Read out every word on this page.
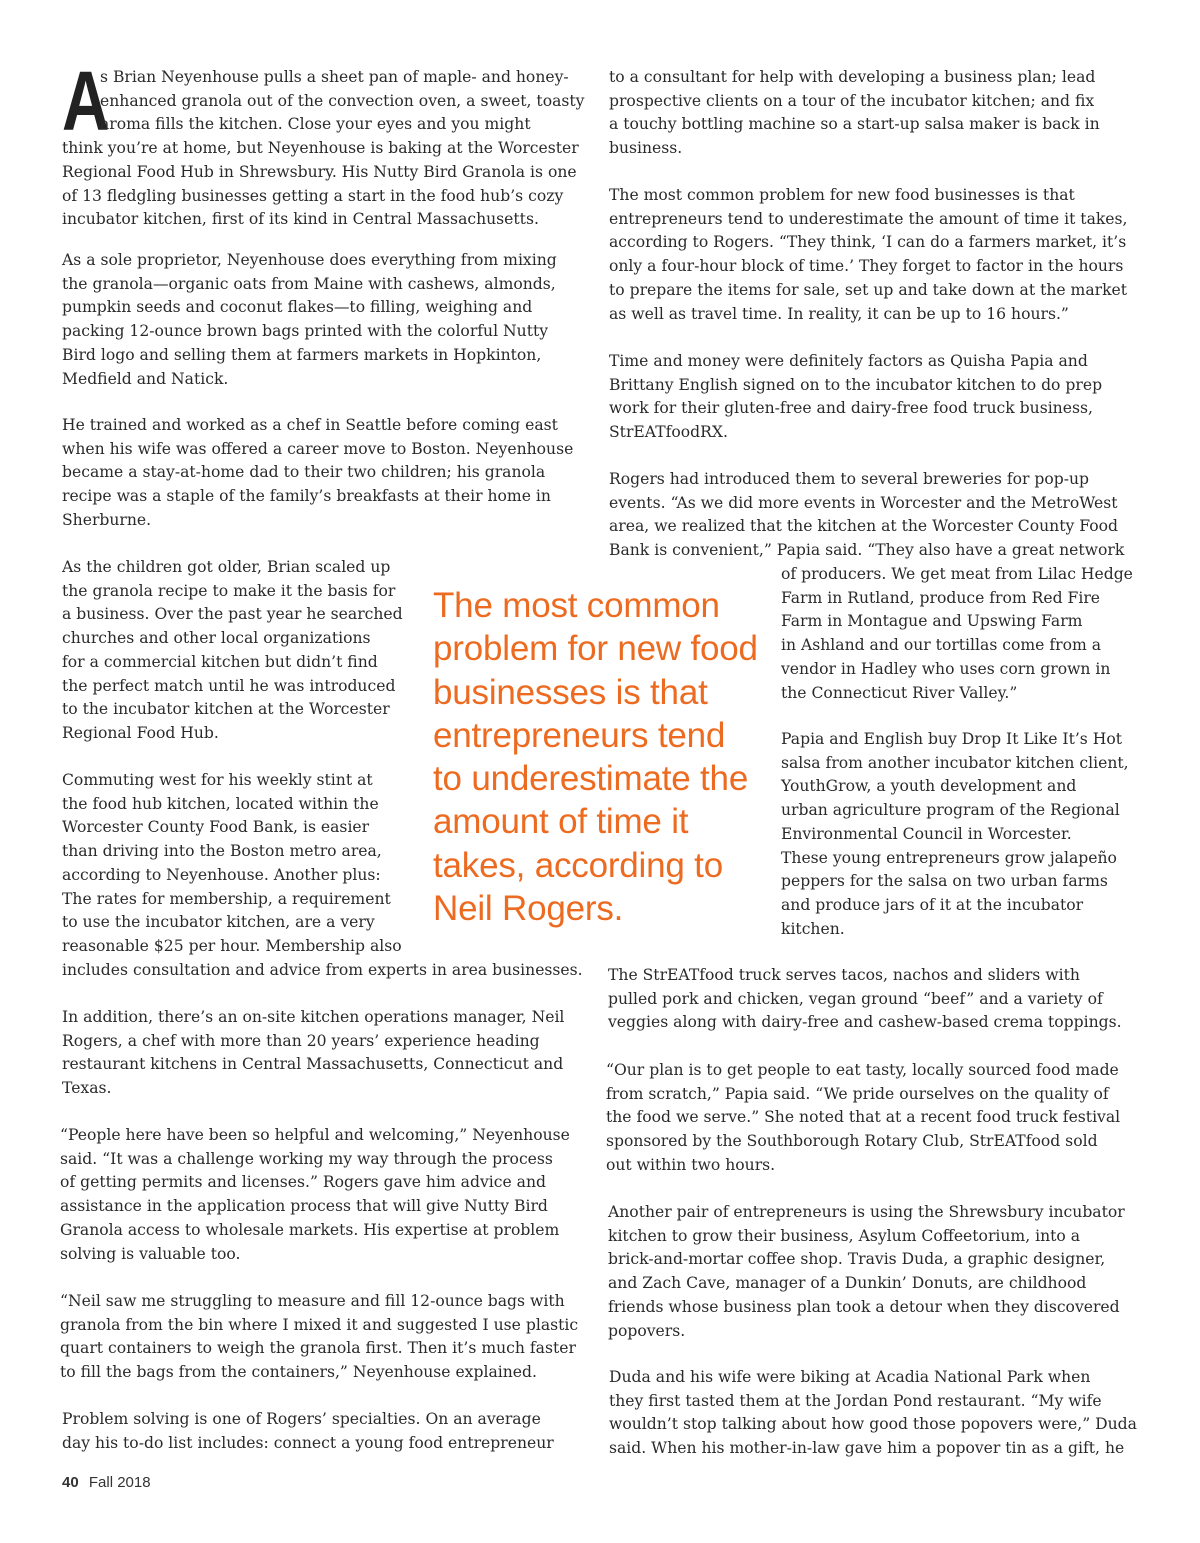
A
s Brian Neyenhouse pulls a sheet pan of maple- and honey-
enhanced granola out of the convection oven, a sweet, toasty
aroma fills the kitchen. Close your eyes and you might
think you’re at home, but Neyenhouse is baking at the Worcester
Regional Food Hub in Shrewsbury. His Nutty Bird Granola is one
of 13 fledgling businesses getting a start in the food hub’s cozy
incubator kitchen, first of its kind in Central Massachusetts.
As a sole proprietor, Neyenhouse does everything from mixing
the granola—organic oats from Maine with cashews, almonds,
pumpkin seeds and coconut flakes—to filling, weighing and
packing 12-ounce brown bags printed with the colorful Nutty
Bird logo and selling them at farmers markets in Hopkinton,
Medfield and Natick.
He trained and worked as a chef in Seattle before coming east
when his wife was offered a career move to Boston. Neyenhouse
became a stay-at-home dad to their two children; his granola
recipe was a staple of the family’s breakfasts at their home in
Sherburne.
As the children got older, Brian scaled up
the granola recipe to make it the basis for
a business. Over the past year he searched
churches and other local organizations
for a commercial kitchen but didn’t find
the perfect match until he was introduced
to the incubator kitchen at the Worcester
Regional Food Hub.
Commuting west for his weekly stint at
the food hub kitchen, located within the
Worcester County Food Bank, is easier
than driving into the Boston metro area,
according to Neyenhouse. Another plus:
The rates for membership, a requirement
to use the incubator kitchen, are a very
reasonable $25 per hour. Membership also
includes consultation and advice from experts in area businesses.
In addition, there’s an on-site kitchen operations manager, Neil
Rogers, a chef with more than 20 years’ experience heading
restaurant kitchens in Central Massachusetts, Connecticut and
Texas.
“People here have been so helpful and welcoming,” Neyenhouse
said. “It was a challenge working my way through the process
of getting permits and licenses.” Rogers gave him advice and
assistance in the application process that will give Nutty Bird
Granola access to wholesale markets. His expertise at problem
solving is valuable too.
“Neil saw me struggling to measure and fill 12-ounce bags with
granola from the bin where I mixed it and suggested I use plastic
quart containers to weigh the granola first. Then it’s much faster
to fill the bags from the containers,” Neyenhouse explained.
Problem solving is one of Rogers’ specialties. On an average
day his to-do list includes: connect a young food entrepreneur
to a consultant for help with developing a business plan; lead
prospective clients on a tour of the incubator kitchen; and fix
a touchy bottling machine so a start-up salsa maker is back in
business.
The most common problem for new food businesses is that
entrepreneurs tend to underestimate the amount of time it takes,
according to Rogers. “They think, ‘I can do a farmers market, it’s
only a four-hour block of time.’ They forget to factor in the hours
to prepare the items for sale, set up and take down at the market
as well as travel time. In reality, it can be up to 16 hours.”
Time and money were definitely factors as Quisha Papia and
Brittany English signed on to the incubator kitchen to do prep
work for their gluten-free and dairy-free food truck business,
StrEATfoodRX.
Rogers had introduced them to several breweries for pop-up
events. “As we did more events in Worcester and the MetroWest
area, we realized that the kitchen at the Worcester County Food
Bank is convenient,” Papia said. “They also have a great network
of producers. We get meat from Lilac Hedge
Farm in Rutland, produce from Red Fire
Farm in Montague and Upswing Farm
in Ashland and our tortillas come from a
vendor in Hadley who uses corn grown in
the Connecticut River Valley.”
Papia and English buy Drop It Like It’s Hot
salsa from another incubator kitchen client,
YouthGrow, a youth development and
urban agriculture program of the Regional
Environmental Council in Worcester.
These young entrepreneurs grow jalapeño
peppers for the salsa on two urban farms
and produce jars of it at the incubator
kitchen.
The StrEATfood truck serves tacos, nachos and sliders with
pulled pork and chicken, vegan ground “beef” and a variety of
veggies along with dairy-free and cashew-based crema toppings.
“Our plan is to get people to eat tasty, locally sourced food made
from scratch,” Papia said. “We pride ourselves on the quality of
the food we serve.” She noted that at a recent food truck festival
sponsored by the Southborough Rotary Club, StrEATfood sold
out within two hours.
Another pair of entrepreneurs is using the Shrewsbury incubator
kitchen to grow their business, Asylum Coffeetorium, into a
brick-and-mortar coffee shop. Travis Duda, a graphic designer,
and Zach Cave, manager of a Dunkin’ Donuts, are childhood
friends whose business plan took a detour when they discovered
popovers.
Duda and his wife were biking at Acadia National Park when
they first tasted them at the Jordan Pond restaurant. “My wife
wouldn’t stop talking about how good those popovers were,” Duda
said. When his mother-in-law gave him a popover tin as a gift, he
The most common
problem for new food
businesses is that
entrepreneurs tend
to underestimate the
amount of time it
takes, according to
Neil Rogers.
40 Fall 2018
